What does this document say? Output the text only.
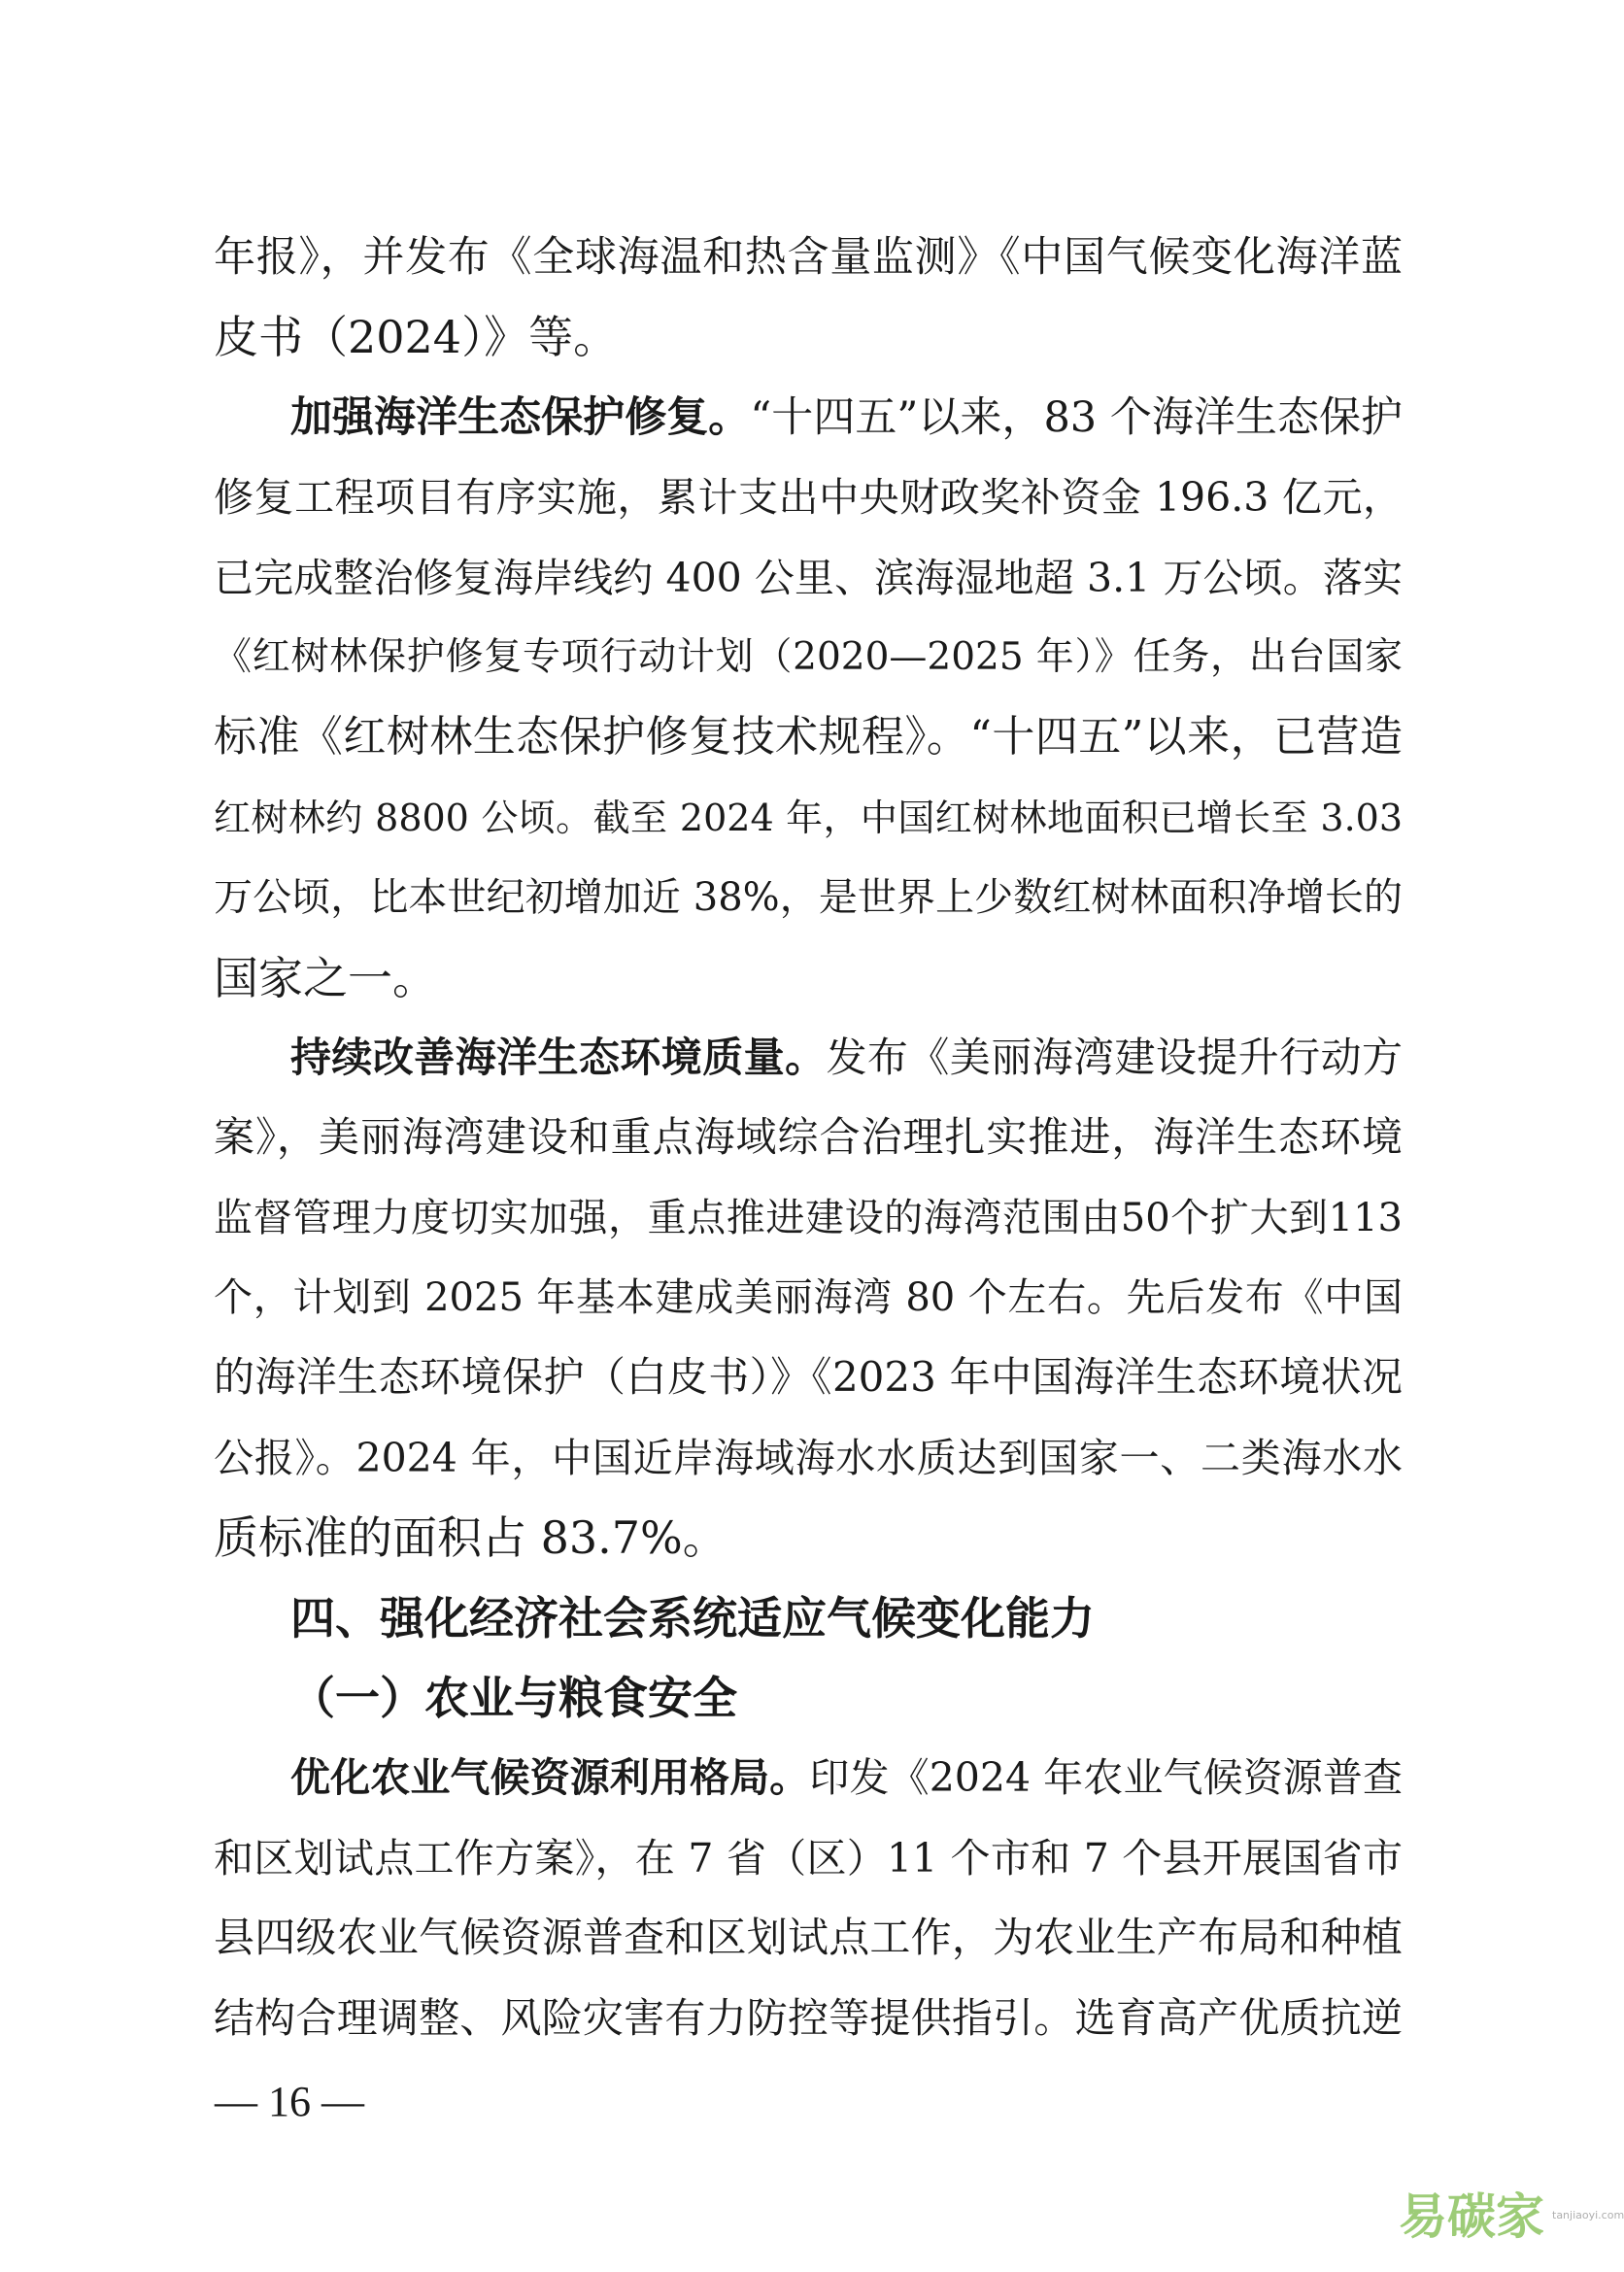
年报》，并发布《全球海温和热含量监测》《中国气候变化海洋蓝
皮书（2024）》等。
加强海洋生态保护修复。“十四五”以来，83 个海洋生态保护
修复工程项目有序实施，累计支出中央财政奖补资金 196.3 亿元，
已完成整治修复海岸线约 400 公里、滨海湿地超 3.1 万公顷。落实
《红树林保护修复专项行动计划（2020—2025 年）》任务，出台国家
标准《红树林生态保护修复技术规程》。“十四五”以来，已营造
红树林约 8800 公顷。截至 2024 年，中国红树林地面积已增长至 3.03
万公顷，比本世纪初增加近 38%，是世界上少数红树林面积净增长的
国家之一。
持续改善海洋生态环境质量。发布《美丽海湾建设提升行动方
案》，美丽海湾建设和重点海域综合治理扎实推进，海洋生态环境
监督管理力度切实加强，重点推进建设的海湾范围由50个扩大到113
个，计划到 2025 年基本建成美丽海湾 80 个左右。先后发布《中国
的海洋生态环境保护（白皮书）》《2023 年中国海洋生态环境状况
公报》。2024 年，中国近岸海域海水水质达到国家一、二类海水水
质标准的面积占 83.7%。
四、强化经济社会系统适应气候变化能力
（一）农业与粮食安全
优化农业气候资源利用格局。印发《2024 年农业气候资源普查
和区划试点工作方案》，在 7 省（区）11 个市和 7 个县开展国省市
县四级农业气候资源普查和区划试点工作，为农业生产布局和种植
结构合理调整、风险灾害有力防控等提供指引。选育高产优质抗逆
— 16 —
易碳家 tanjiaoyi.com
